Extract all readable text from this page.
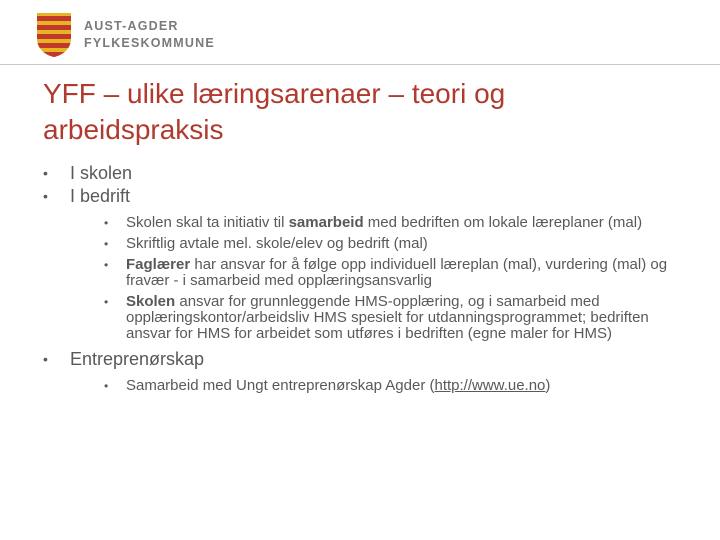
AUST-AGDER
FYLKESKOMMUNE
YFF – ulike læringsarenaer – teori og arbeidspraksis
• I skolen
• I bedrift
• Skolen skal ta initiativ til samarbeid med bedriften om lokale læreplaner (mal)
• Skriftlig avtale mel. skole/elev og bedrift (mal)
• Faglærer har ansvar for å følge opp individuell læreplan (mal), vurdering (mal) og fravær - i samarbeid med opplæringsansvarlig
• Skolen ansvar for grunnleggende HMS-opplæring, og i samarbeid med opplæringskontor/arbeidsliv HMS spesielt for utdanningsprogrammet; bedriften ansvar for HMS for arbeidet som utføres i bedriften (egne maler for HMS)
• Entreprenørskap
• Samarbeid med Ungt entreprenørskap Agder (http://www.ue.no)
